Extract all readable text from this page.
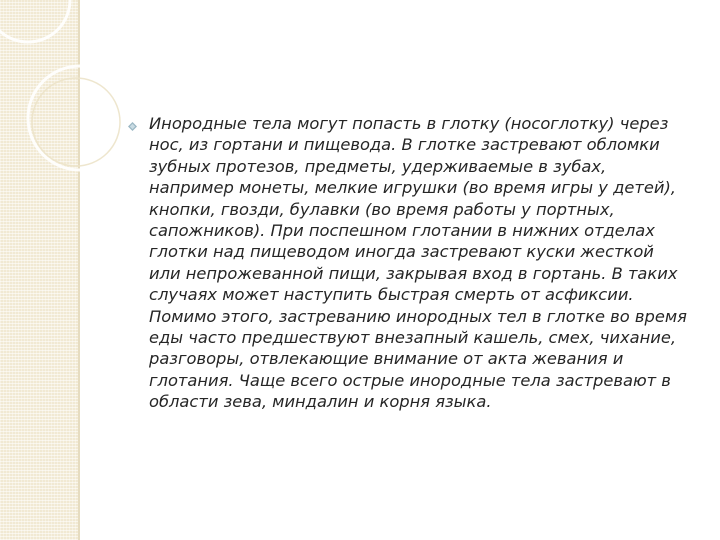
Инородные тела могут попасть в глотку (носоглотку) через нос, из гортани и пищевода. В глотке застревают обломки зубных протезов, предметы, удерживаемые в зубах, например монеты, мелкие игрушки (во время игры у детей), кнопки, гвозди, булавки (во время работы у портных, сапожников). При поспешном глотании в нижних отделах глотки над пищеводом иногда застревают куски жесткой или непрожеванной пищи, закрывая вход в гортань. В таких случаях может наступить быстрая смерть от асфиксии. Помимо этого, застреванию инородных тел в глотке во время еды часто предшествуют внезапный кашель, смех, чихание, разговоры, отвлекающие внимание от акта жевания и глотания. Чаще всего острые инородные тела застревают в области зева, миндалин и корня языка.
